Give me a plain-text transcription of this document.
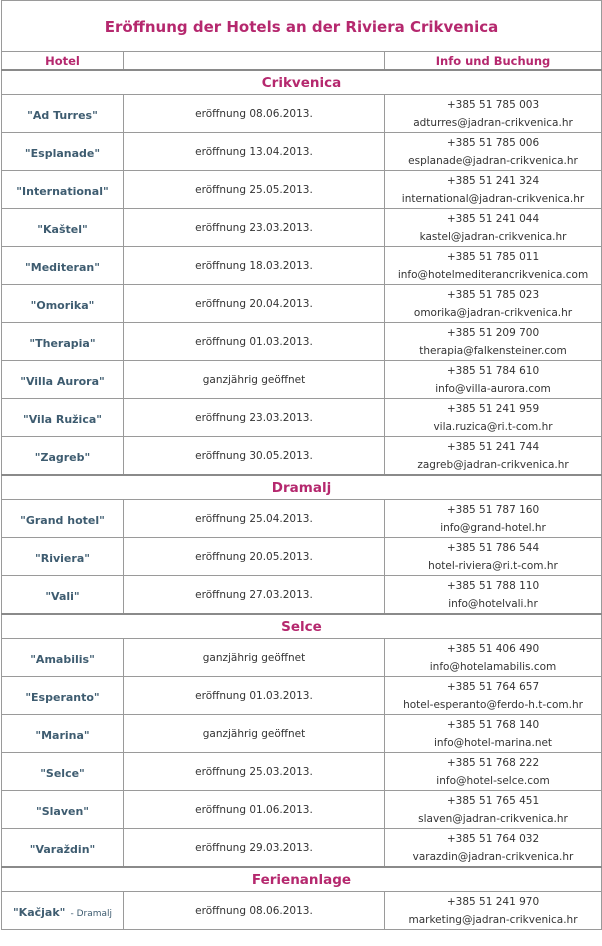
Eröffnung der Hotels an der Riviera Crikvenica		
Hotel		Info und Buchung
Crikvenica		
"Ad Turres"	eröffnung 08.06.2013.	+385 51 785 003
adturres@jadran-crikvenica.hr

"Esplanade"	eröffnung 13.04.2013.	+385 51 785 006
esplanade@jadran-crikvenica.hr

"International"	eröffnung 25.05.2013.	+385 51 241 324
international@jadran-crikvenica.hr

"Kaštel"	eröffnung 23.03.2013.	+385 51 241 044
kastel@jadran-crikvenica.hr

"Mediteran"	eröffnung 18.03.2013.	+385 51 785 011
info@hotelmediterancrikvenica.com

"Omorika"	eröffnung 20.04.2013.	+385 51 785 023
omorika@jadran-crikvenica.hr

"Therapia"	eröffnung 01.03.2013.	+385 51 209 700
therapia@falkensteiner.com

"Villa Aurora"	ganzjährig geöffnet	+385 51 784 610
info@villa-aurora.com

"Vila Ružica"	eröffnung 23.03.2013.	+385 51 241 959
vila.ruzica@ri.t-com.hr

"Zagreb"	eröffnung 30.05.2013.	+385 51 241 744
zagreb@jadran-crikvenica.hr

Dramalj		
"Grand hotel"	eröffnung 25.04.2013.	+385 51 787 160
info@grand-hotel.hr

"Riviera"	eröffnung 20.05.2013.	+385 51 786 544
hotel-riviera@ri.t-com.hr

"Vali"	eröffnung 27.03.2013.	+385 51 788 110
info@hotelvali.hr

Selce		
"Amabilis"	ganzjährig geöffnet	+385 51 406 490
info@hotelamabilis.com

"Esperanto"	eröffnung 01.03.2013.	+385 51 764 657
hotel-esperanto@ferdo-h.t-com.hr

"Marina"	ganzjährig geöffnet	+385 51 768 140
info@hotel-marina.net

"Selce"	eröffnung 25.03.2013.	+385 51 768 222
info@hotel-selce.com

"Slaven"	eröffnung 01.06.2013.	+385 51 765 451
slaven@jadran-crikvenica.hr

"Varaždin"	eröffnung 29.03.2013.	+385 51 764 032
varazdin@jadran-crikvenica.hr

Ferienanlage		
"Kačjak" - Dramalj	eröffnung 08.06.2013.	+385 51 241 970
marketing@jadran-crikvenica.hr
